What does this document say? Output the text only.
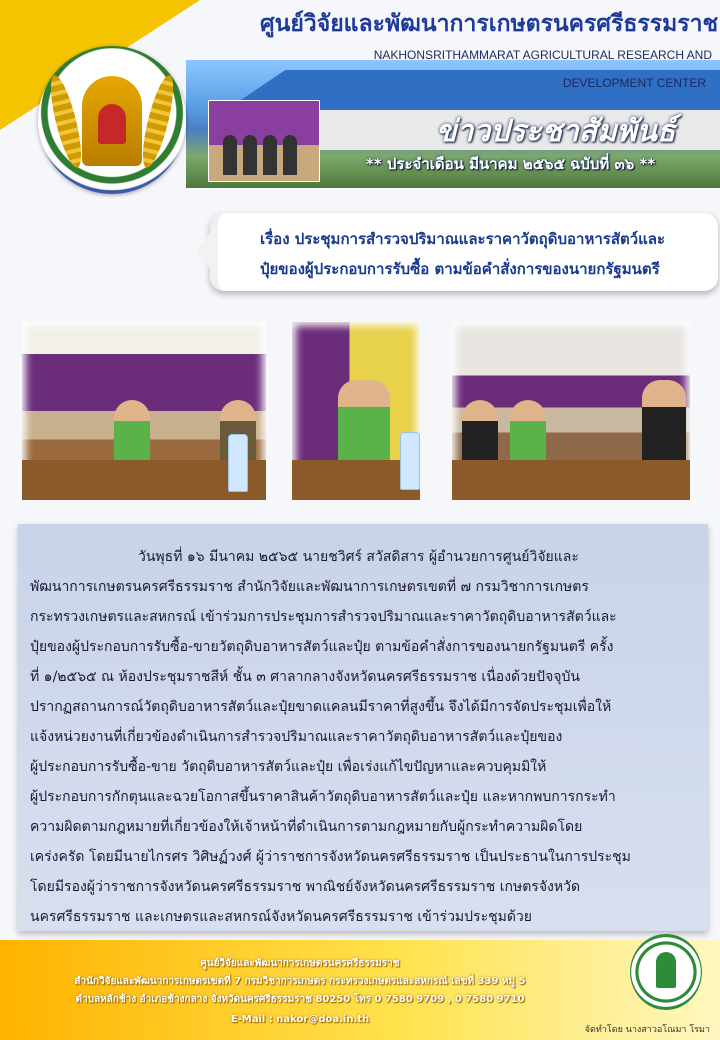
ศูนย์วิจัยและพัฒนาการเกษตรนครศรีธรรมราช
NAKHONSRITHAMMARAT AGRICULTURAL RESEARCH AND
DEVELOPMENT CENTER
ข่าวประชาสัมพันธ์
** ประจำเดือน มีนาคม ๒๕๖๕ ฉบับที่ ๓๖ **
เรื่อง ประชุมการสำรวจปริมาณและราคาวัตถุดิบอาหารสัตว์และ
ปุ๋ยของผู้ประกอบการรับซื้อ ตามข้อคำสั่งการของนายกรัฐมนตรี
วันพุธที่ ๑๖ มีนาคม ๒๕๖๕ นายชวิศร์ สวัสดิสาร ผู้อำนวยการศูนย์วิจัยและ
พัฒนาการเกษตรนครศรีธรรมราช สำนักวิจัยและพัฒนาการเกษตรเขตที่ ๗ กรมวิชาการเกษตร
กระทรวงเกษตรและสหกรณ์ เข้าร่วมการประชุมการสำรวจปริมาณและราคาวัตถุดิบอาหารสัตว์และ
ปุ๋ยของผู้ประกอบการรับซื้อ-ขายวัตถุดิบอาหารสัตว์และปุ๋ย ตามข้อคำสั่งการของนายกรัฐมนตรี ครั้ง
ที่ ๑/๒๕๖๕ ณ ห้องประชุมราชสีห์ ชั้น ๓ ศาลากลางจังหวัดนครศรีธรรมราช เนื่องด้วยปัจจุบัน
ปรากฏสถานการณ์วัตถุดิบอาหารสัตว์และปุ๋ยขาดแคลนมีราคาที่สูงขึ้น จึงได้มีการจัดประชุมเพื่อให้
แจ้งหน่วยงานที่เกี่ยวข้องดำเนินการสำรวจปริมาณและราคาวัตถุดิบอาหารสัตว์และปุ๋ยของ
ผู้ประกอบการรับซื้อ-ขาย วัตถุดิบอาหารสัตว์และปุ๋ย เพื่อเร่งแก้ไขปัญหาและควบคุมมิให้
ผู้ประกอบการกักตุนและฉวยโอกาสขึ้นราคาสินค้าวัตถุดิบอาหารสัตว์และปุ๋ย และหากพบการกระทำ
ความผิดตามกฎหมายที่เกี่ยวข้องให้เจ้าหน้าที่ดำเนินการตามกฎหมายกับผู้กระทำความผิดโดย
เคร่งครัด โดยมีนายไกรศร วิศิษฏ์วงศ์ ผู้ว่าราชการจังหวัดนครศรีธรรมราช เป็นประธานในการประชุม
โดยมีรองผู้ว่าราชการจังหวัดนครศรีธรรมราช พาณิชย์จังหวัดนครศรีธรรมราช เกษตรจังหวัด
นครศรีธรรมราช และเกษตรและสหกรณ์จังหวัดนครศรีธรรมราช เข้าร่วมประชุมด้วย
ศูนย์วิจัยและพัฒนาการเกษตรนครศรีธรรมราช
สำนักวิจัยและพัฒนาการเกษตรเขตที่ 7 กรมวิชาการเกษตร กระทรวงเกษตรและสหกรณ์ เลขที่ 339 หมู่ 5
ตำบลหลักช้าง อำเภอช้างกลาง จังหวัดนครศรีธรรมราช 80250 โทร 0 7580 9709 , 0 7580 9710
E-Mail : nakor@doa.in.th
จัดทำโดย นางสาวอโณมา โรมา
